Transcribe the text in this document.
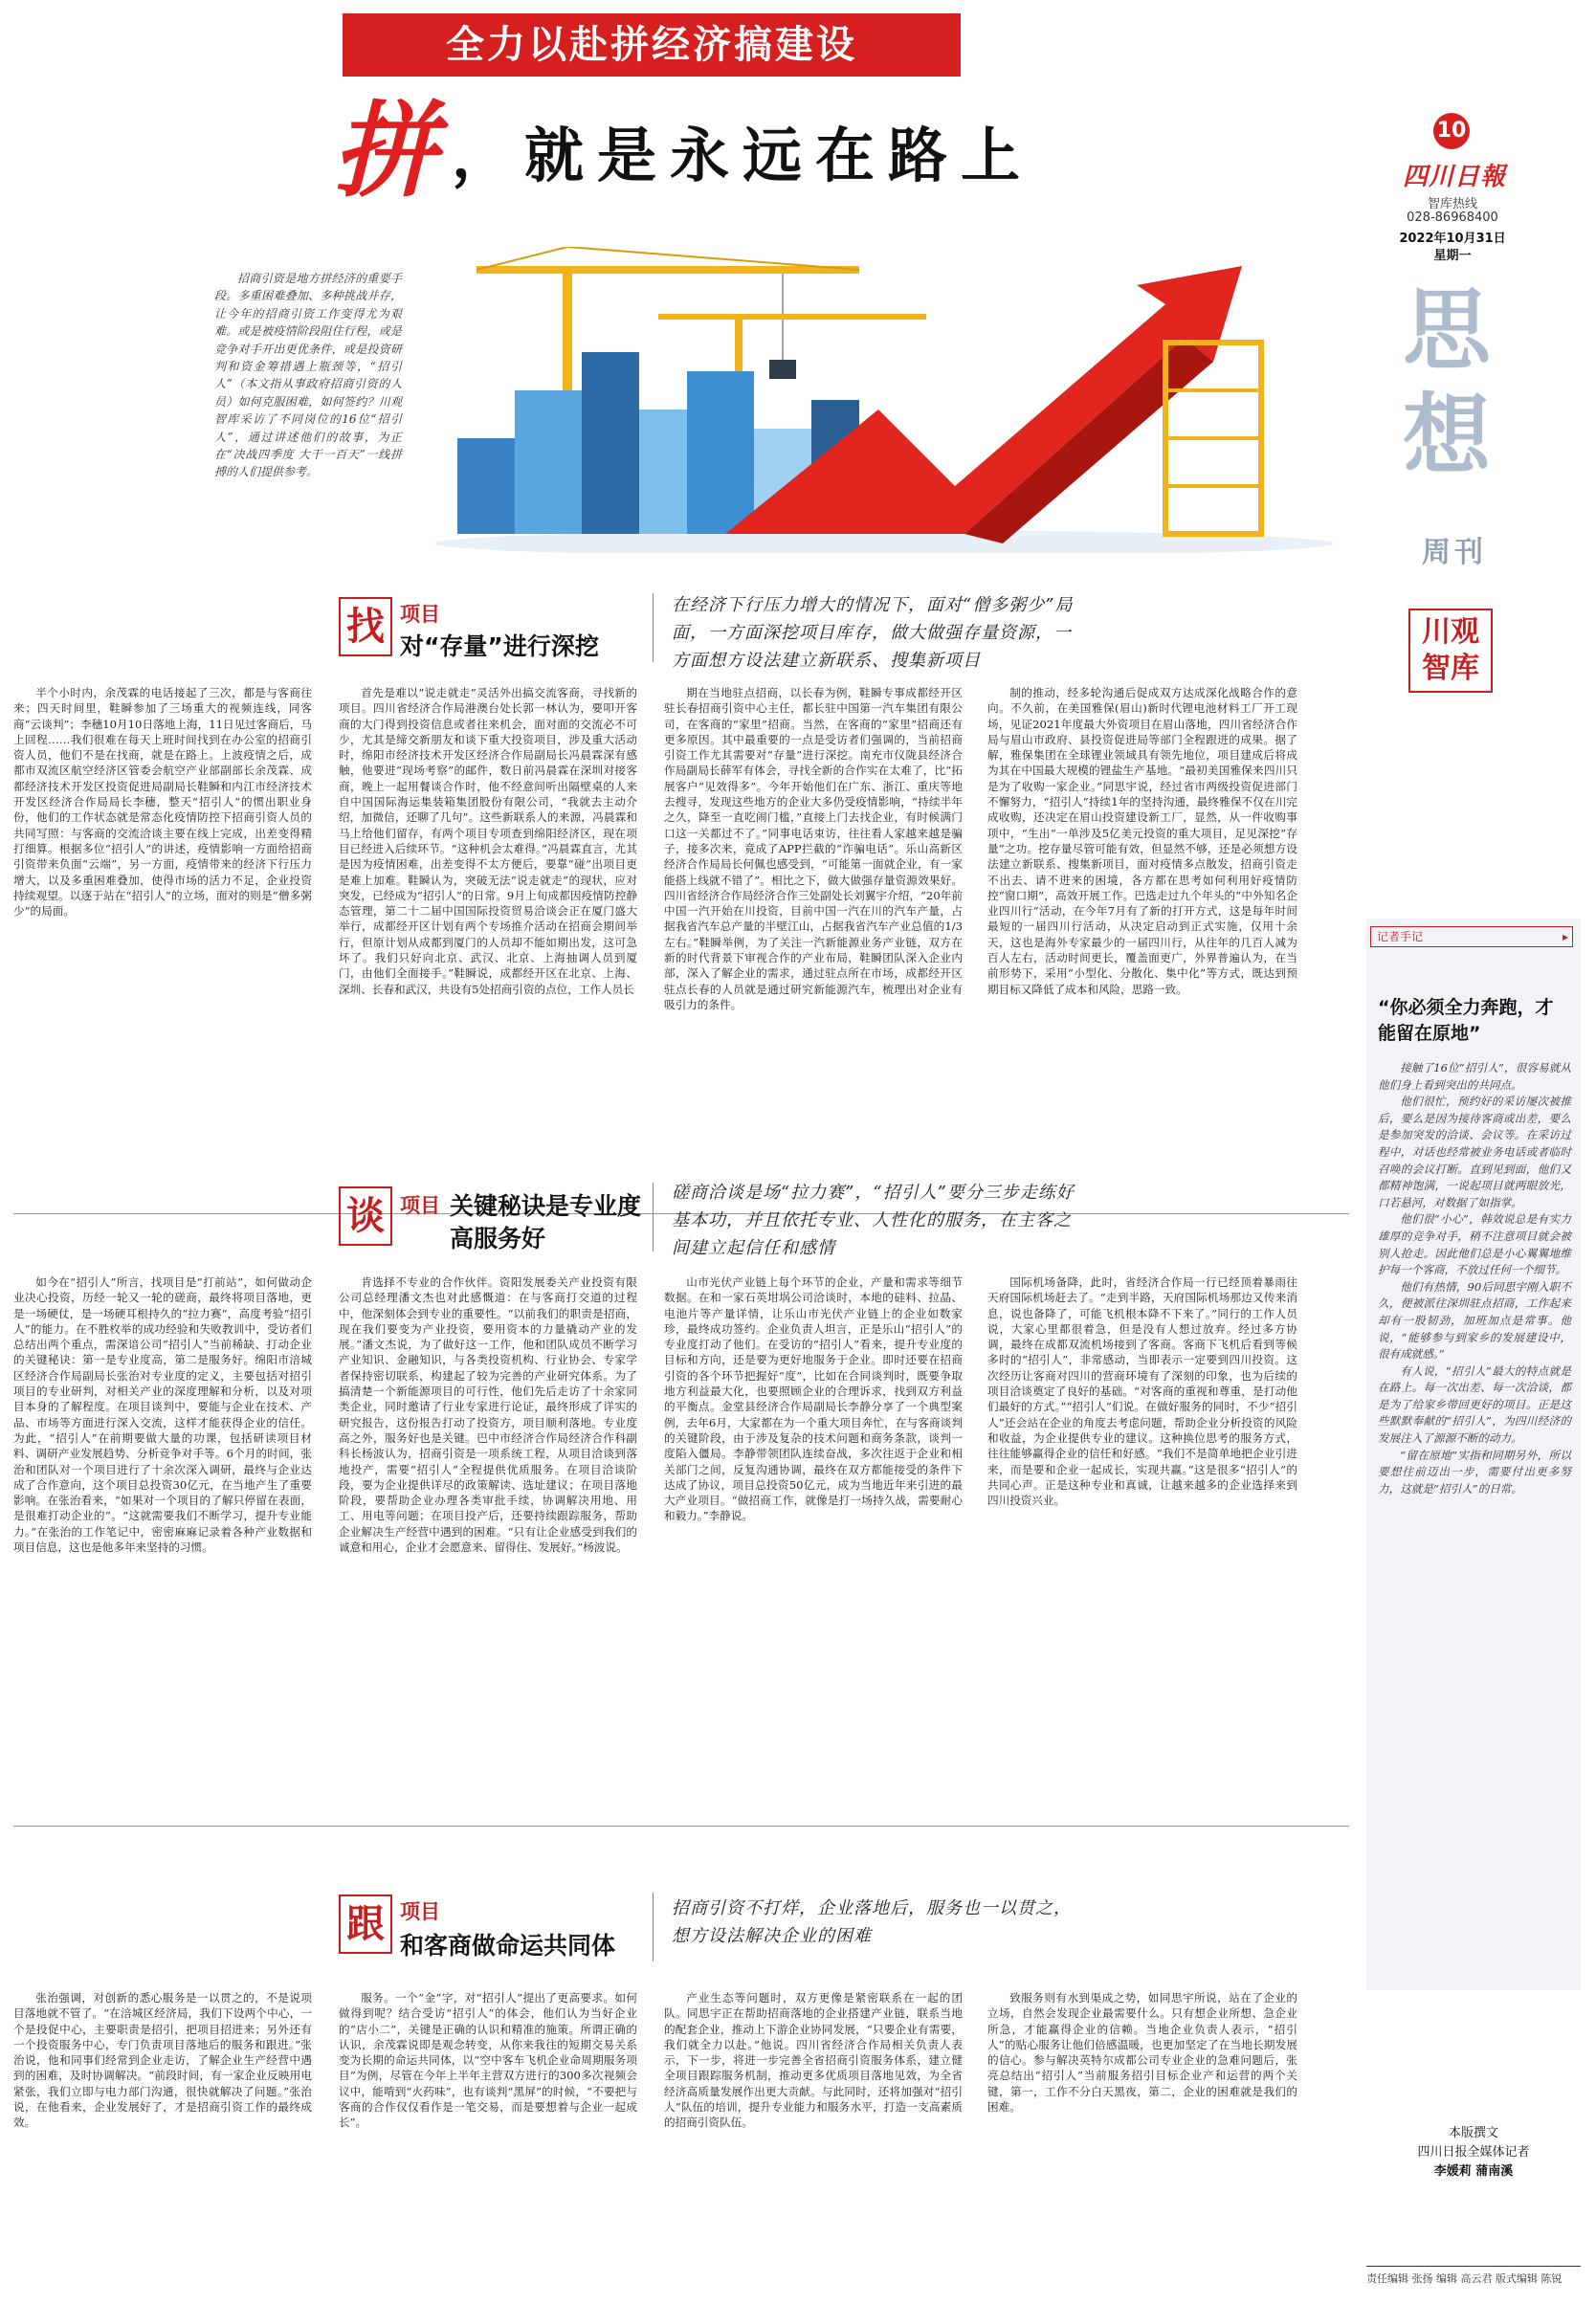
全力以赴拼经济搞建设
拼 ，就是永远在路上	10
四川日報
智库热线
028-86968400
2022年10月31日
星期一
思
想
周刊
川观
智库
招商引资是地方拼经济的重要手段。多重困难叠加、多种挑战并存，让今年的招商引资工作变得尤为艰难。或是被疫情阶段阻住行程，或是竞争对手开出更优条件，或是投资研判和资金筹措遇上瓶颈等，“招引人”（本文指从事政府招商引资的人员）如何克服困难，如何签约？川观智库采访了不同岗位的16位“招引人”，通过讲述他们的故事，为正在“决战四季度 大干一百天”一线拼搏的人们提供参考。
找 项目
对“存量”进行深挖
在经济下行压力增大的情况下，面对“僧多粥少”局面，一方面深挖项目库存，做大做强存量资源，一方面想方设法建立新联系、搜集新项目
半个小时内，余茂霖的电话接起了三次，都是与客商往来；四天时间里，鞋瞬参加了三场重大的视频连线，同客商“云谈判”；李穗10月10日落地上海，11日见过客商后，马上回程……我们很难在每天上班时间找到在办公室的招商引资人员，他们不是在找商，就是在路上。上波疫情之后，成都市双流区航空经济区管委会航空产业部副部长余茂霖、成都经济技术开发区投资促进局副局长鞋瞬和内江市经济技术开发区经济合作局局长李穗，整天“招引人”的惯出职业身份，他们的工作状态就是常态化疫情防控下招商引资人员的共同写照：与客商的交流洽谈主要在线上完成，出差变得精打细算。根据多位“招引人”的讲述，疫情影响一方面给招商引资带来负面“云端”，另一方面，疫情带来的经济下行压力增大，以及多重困难叠加，使得市场的活力不足，企业投资持续观望。以逐于站在“招引人”的立场，面对的则是“僧多粥少”的局面。
首先是难以“说走就走”灵活外出搞交流客商，寻找新的项目。四川省经济合作局港澳台处长郭一林认为，要叩开客商的大门得到投资信息或者往来机会，面对面的交流必不可少，尤其是缔交新朋友和谈下重大投资项目，涉及重大活动时，绵阳市经济技术开发区经济合作局副局长冯晨霖深有感触，他要进“现场考察”的邮件，数日前冯晨霖在深圳对接客商，晚上一起用餐谈合作时，他不经意间听出隔壁桌的人来自中国国际海运集装箱集团股份有限公司，“我就去主动介绍，加微信，还聊了几句”。这些新联系人的来源，冯晨霖和马上给他们留存，有两个项目专项查到绵阳经济区，现在项目已经进入后续环节。“这种机会太难得。”冯晨霖直言，尤其是因为疫情困难，出差变得不太方便后，要靠“碰”出项目更是难上加难。鞋瞬认为，突破无法“说走就走”的现状，应对突发，已经成为“招引人”的日常。9月上旬成都因疫情防控静态管理，第二十二届中国国际投资贸易洽谈会正在厦门盛大举行，成都经开区计划有两个专场推介活动在招商会期间举行，但原计划从成都到厦门的人员却不能如期出发，这可急坏了。我们只好向北京、武汉、北京、上海抽调人员到厦门，由他们全面接手。”鞋瞬说，成都经开区在北京、上海、深圳、长春和武汉，共设有5处招商引资的点位，工作人员长
期在当地驻点招商，以长春为例，鞋瞬专事成都经开区驻长春招商引资中心主任，都长驻中国第一汽车集团有限公司，在客商的“家里”招商。当然，在客商的“家里”招商还有更多原因。其中最重要的一点是受访者们强调的，当前招商引资工作尤其需要对“存量”进行深挖。南充市仪陇县经济合作局副局长薛军有体会，寻找全新的合作实在太难了，比“拓展客户”见效得多”。今年开始他们在广东、浙江、重庆等地去搜寻，发现这些地方的企业大多仍受疫情影响，“持续半年之久，降至一直吃闹门槛，”直接上门去找企业，有时候满门口这一关都过不了。”同事电话束访，往往看人家越来越是骗子，接多次来，竟成了APP拦截的“诈骗电话”。乐山高新区经济合作局局长何佩也感受到，“可能第一面就企业，有一家能搭上线就不错了”。相比之下，做大做强存量资源效果好。四川省经济合作局经济合作三处副处长刘翼宇介绍，“20年前中国一汽开始在川投资，目前中国一汽在川的汽车产量，占据我省汽车总产量的半壁江山，占据我省汽车产业总值的1/3左右。”鞋瞬举例，为了关注一汽新能源业务产业链，双方在新的时代背景下审视合作的产业布局，鞋瞬团队深入企业内部，深入了解企业的需求，通过驻点所在市场，成都经开区驻点长春的人员就是通过研究新能源汽车，梳理出对企业有吸引力的条件。
制的推动，经多轮沟通后促成双方达成深化战略合作的意向。不久前，在美国雅保(眉山)新时代锂电池材料工厂开工现场，见证2021年度最大外资项目在眉山落地，四川省经济合作局与眉山市政府、县投资促进局等部门全程跟进的成果。据了解，雅保集团在全球锂业领域具有领先地位，项目建成后将成为其在中国最大规模的锂盐生产基地。“最初美国雅保来四川只是为了收购一家企业。”同思宇说，经过省市两级投资促进部门不懈努力，“招引人”持续1年的坚持沟通，最终雅保不仅在川完成收购，还决定在眉山投资建设新工厂，显然，从一件收购事项中，“生出”一单涉及5亿美元投资的重大项目，足见深挖“存量”之功。挖存量尽管可能有效，但显然不够，还是必须想方设法建立新联系、搜集新项目，面对疫情多点散发，招商引资走不出去、请不进来的困境，各方都在思考如何利用好疫情防控“窗口期”，高效开展工作。巴选走过九个年头的“中外知名企业四川行”活动，在今年7月有了新的打开方式，这是每年时间最短的一届四川行活动，从决定启动到正式实施，仅用十余天，这也是海外专家最少的一届四川行，从往年的几百人减为百人左右，活动时间更长，覆盖面更广，外界普遍认为，在当前形势下，采用“小型化、分散化、集中化”等方式，既达到预期目标又降低了成本和风险，思路一致。
谈 项目 关键秘诀是专业度高服务好
磋商洽谈是场“拉力赛”，“招引人”要分三步走练好基本功，并且依托专业、人性化的服务，在主客之间建立起信任和感情
如今在“招引人”所言，找项目是“打前站”，如何做动企业决心投资，历经一轮又一轮的磋商，最终将项目落地，更是一场硬仗，是一场硬耳根持久的“拉力赛”，高度考验“招引人”的能力。在不胜枚举的成功经验和失败教训中，受访者们总结出两个重点，需深谙公司“招引人”当前稀缺、打动企业的关键秘诀：第一是专业度高，第二是服务好。绵阳市涪城区经济合作局副局长张治对专业度的定义，主要包括对招引项目的专业研判，对相关产业的深度理解和分析，以及对项目本身的了解程度。在项目谈判中，要能与企业在技术、产品、市场等方面进行深入交流，这样才能获得企业的信任。为此，“招引人”在前期要做大量的功课，包括研读项目材料、调研产业发展趋势、分析竞争对手等。6个月的时间，张治和团队对一个项目进行了十余次深入调研，最终与企业达成了合作意向，这个项目总投资30亿元，在当地产生了重要影响。在张治看来，“如果对一个项目的了解只停留在表面，是很难打动企业的”。“这就需要我们不断学习，提升专业能力。”在张治的工作笔记中，密密麻麻记录着各种产业数据和项目信息，这也是他多年来坚持的习惯。
肯选择不专业的合作伙伴。资阳发展委关产业投资有限公司总经理潘文杰也对此感慨道：在与客商打交道的过程中，他深刻体会到专业的重要性。“以前我们的职责是招商，现在我们要变为产业投资，要用资本的力量撬动产业的发展。”潘文杰说，为了做好这一工作，他和团队成员不断学习产业知识、金融知识，与各类投资机构、行业协会、专家学者保持密切联系，构建起了较为完善的产业研究体系。为了搞清楚一个新能源项目的可行性，他们先后走访了十余家同类企业，同时邀请了行业专家进行论证，最终形成了详实的研究报告，这份报告打动了投资方，项目顺利落地。专业度高之外，服务好也是关键。巴中市经济合作局经济合作科副科长杨波认为，招商引资是一项系统工程，从项目洽谈到落地投产，需要“招引人”全程提供优质服务。在项目洽谈阶段，要为企业提供详尽的政策解读、选址建议；在项目落地阶段，要帮助企业办理各类审批手续，协调解决用地、用工、用电等问题；在项目投产后，还要持续跟踪服务，帮助企业解决生产经营中遇到的困难。“只有让企业感受到我们的诚意和用心，企业才会愿意来、留得住、发展好。”杨波说。
山市光伏产业链上每个环节的企业，产量和需求等细节数据。在和一家石英坩埚公司洽谈时，本地的硅料、拉晶、电池片等产量详情，让乐山市光伏产业链上的企业如数家珍，最终成功签约。企业负责人坦言，正是乐山“招引人”的专业度打动了他们。在受访的“招引人”看来，提升专业度的目标和方向，还是要为更好地服务于企业。即时还要在招商引资的各个环节把握好“度”，比如在合同谈判时，既要争取地方利益最大化，也要照顾企业的合理诉求，找到双方利益的平衡点。金堂县经济合作局副局长李静分享了一个典型案例，去年6月，大家都在为一个重大项目奔忙，在与客商谈判的关键阶段，由于涉及复杂的技术问题和商务条款，谈判一度陷入僵局。李静带领团队连续奋战，多次往返于企业和相关部门之间，反复沟通协调，最终在双方都能接受的条件下达成了协议，项目总投资50亿元，成为当地近年来引进的最大产业项目。“做招商工作，就像是打一场持久战，需要耐心和毅力。”李静说。
国际机场备降，此时，省经济合作局一行已经顶着暴雨往天府国际机场赶去了。“走到半路，天府国际机场那边又传来消息，说也备降了，可能飞机根本降不下来了。”同行的工作人员说，大家心里都很着急，但是没有人想过放弃。经过多方协调，最终在成都双流机场接到了客商。客商下飞机后看到等候多时的“招引人”，非常感动，当即表示一定要到四川投资。这次经历让客商对四川的营商环境有了深刻的印象，也为后续的项目洽谈奠定了良好的基础。“对客商的重视和尊重，是打动他们最好的方式。”“招引人”们说。在做好服务的同时，不少“招引人”还会站在企业的角度去考虑问题，帮助企业分析投资的风险和收益，为企业提供专业的建议。这种换位思考的服务方式，往往能够赢得企业的信任和好感。“我们不是简单地把企业引进来，而是要和企业一起成长，实现共赢。”这是很多“招引人”的共同心声。正是这种专业和真诚，让越来越多的企业选择来到四川投资兴业。
跟 项目
和客商做命运共同体
招商引资不打烊，企业落地后，服务也一以贯之，想方设法解决企业的困难
张治强调，对创新的悉心服务是一以贯之的，不是说项目落地就不管了。“在涪城区经济局，我们下设两个中心，一个是投促中心，主要职责是招引，把项目招进来；另外还有一个投资服务中心，专门负责项目落地后的服务和跟进。”张治说，他和同事们经常到企业走访，了解企业生产经营中遇到的困难，及时协调解决。“前段时间，有一家企业反映用电紧张，我们立即与电力部门沟通，很快就解决了问题。”张治说，在他看来，企业发展好了，才是招商引资工作的最终成效。
服务。一个“金”字，对“招引人”提出了更高要求。如何做得到呢？结合受访“招引人”的体会，他们认为当好企业的“店小二”，关键是正确的认识和精准的施策。所谓正确的认识，余茂霖说即是观念转变，从你来我往的短期交易关系变为长期的命运共同体，以“空中客车飞机企业命周期服务项目”为例，尽管在今年上半年主营双方进行的300多次视频会议中，能啃到“火药味”，也有谈判“黑屏”的时候，“不要把与客商的合作仅仅看作是一笔交易，而是要想着与企业一起成长”。
产业生态等问题时，双方更像是紧密联系在一起的团队。同思宇正在帮助招商落地的企业搭建产业链，联系当地的配套企业，推动上下游企业协同发展，“只要企业有需要，我们就全力以赴。”他说。四川省经济合作局相关负责人表示，下一步，将进一步完善全省招商引资服务体系，建立健全项目跟踪服务机制，推动更多优质项目落地见效，为全省经济高质量发展作出更大贡献。与此同时，还将加强对“招引人”队伍的培训，提升专业能力和服务水平，打造一支高素质的招商引资队伍。
致服务则有水到渠成之势，如同思宇所说，站在了企业的立场，自然会发现企业最需要什么。只有想企业所想、急企业所急，才能赢得企业的信赖。当地企业负责人表示，“招引人”的贴心服务让他们倍感温暖，也更加坚定了在当地长期发展的信心。参与解决英特尔成都公司专业企业的急难问题后，张亮总结出“招引人”当前服务招引目标企业产和运营的两个关键，第一，工作不分白天黑夜，第二，企业的困难就是我们的困难。
记者手记	▸
“你必须全力奔跑，才能留在原地”

接触了16位“招引人”，很容易就从他们身上看到突出的共同点。

他们很忙，预约好的采访屡次被推后，要么是因为接待客商或出差，要么是参加突发的洽谈、会议等。在采访过程中，对话也经常被业务电话或者临时召唤的会议打断。直到见到面，他们又都精神饱满，一说起项目就两眼放光，口若悬河，对数据了如指掌。

他们很“小心”，韩效说总是有实力雄厚的竞争对手，稍不注意项目就会被别人抢走。因此他们总是小心翼翼地维护每一个客商，不放过任何一个细节。

他们有热情，90后同思宇刚入职不久，便被派往深圳驻点招商，工作起来却有一股韧劲，加班加点是常事。他说，“能够参与到家乡的发展建设中，很有成就感。”

有人说，“招引人”最大的特点就是在路上。每一次出差、每一次洽谈，都是为了给家乡带回更好的项目。正是这些默默奉献的“招引人”，为四川经济的发展注入了源源不断的动力。

“留在原地”实指和同期另外，所以要想往前迈出一步，需要付出更多努力，这就是“招引人”的日常。

本版撰文
四川日报全媒体记者
李媛莉 蒲南溪
责任编辑 张扬 编辑 高云君 版式编辑 陈锐
